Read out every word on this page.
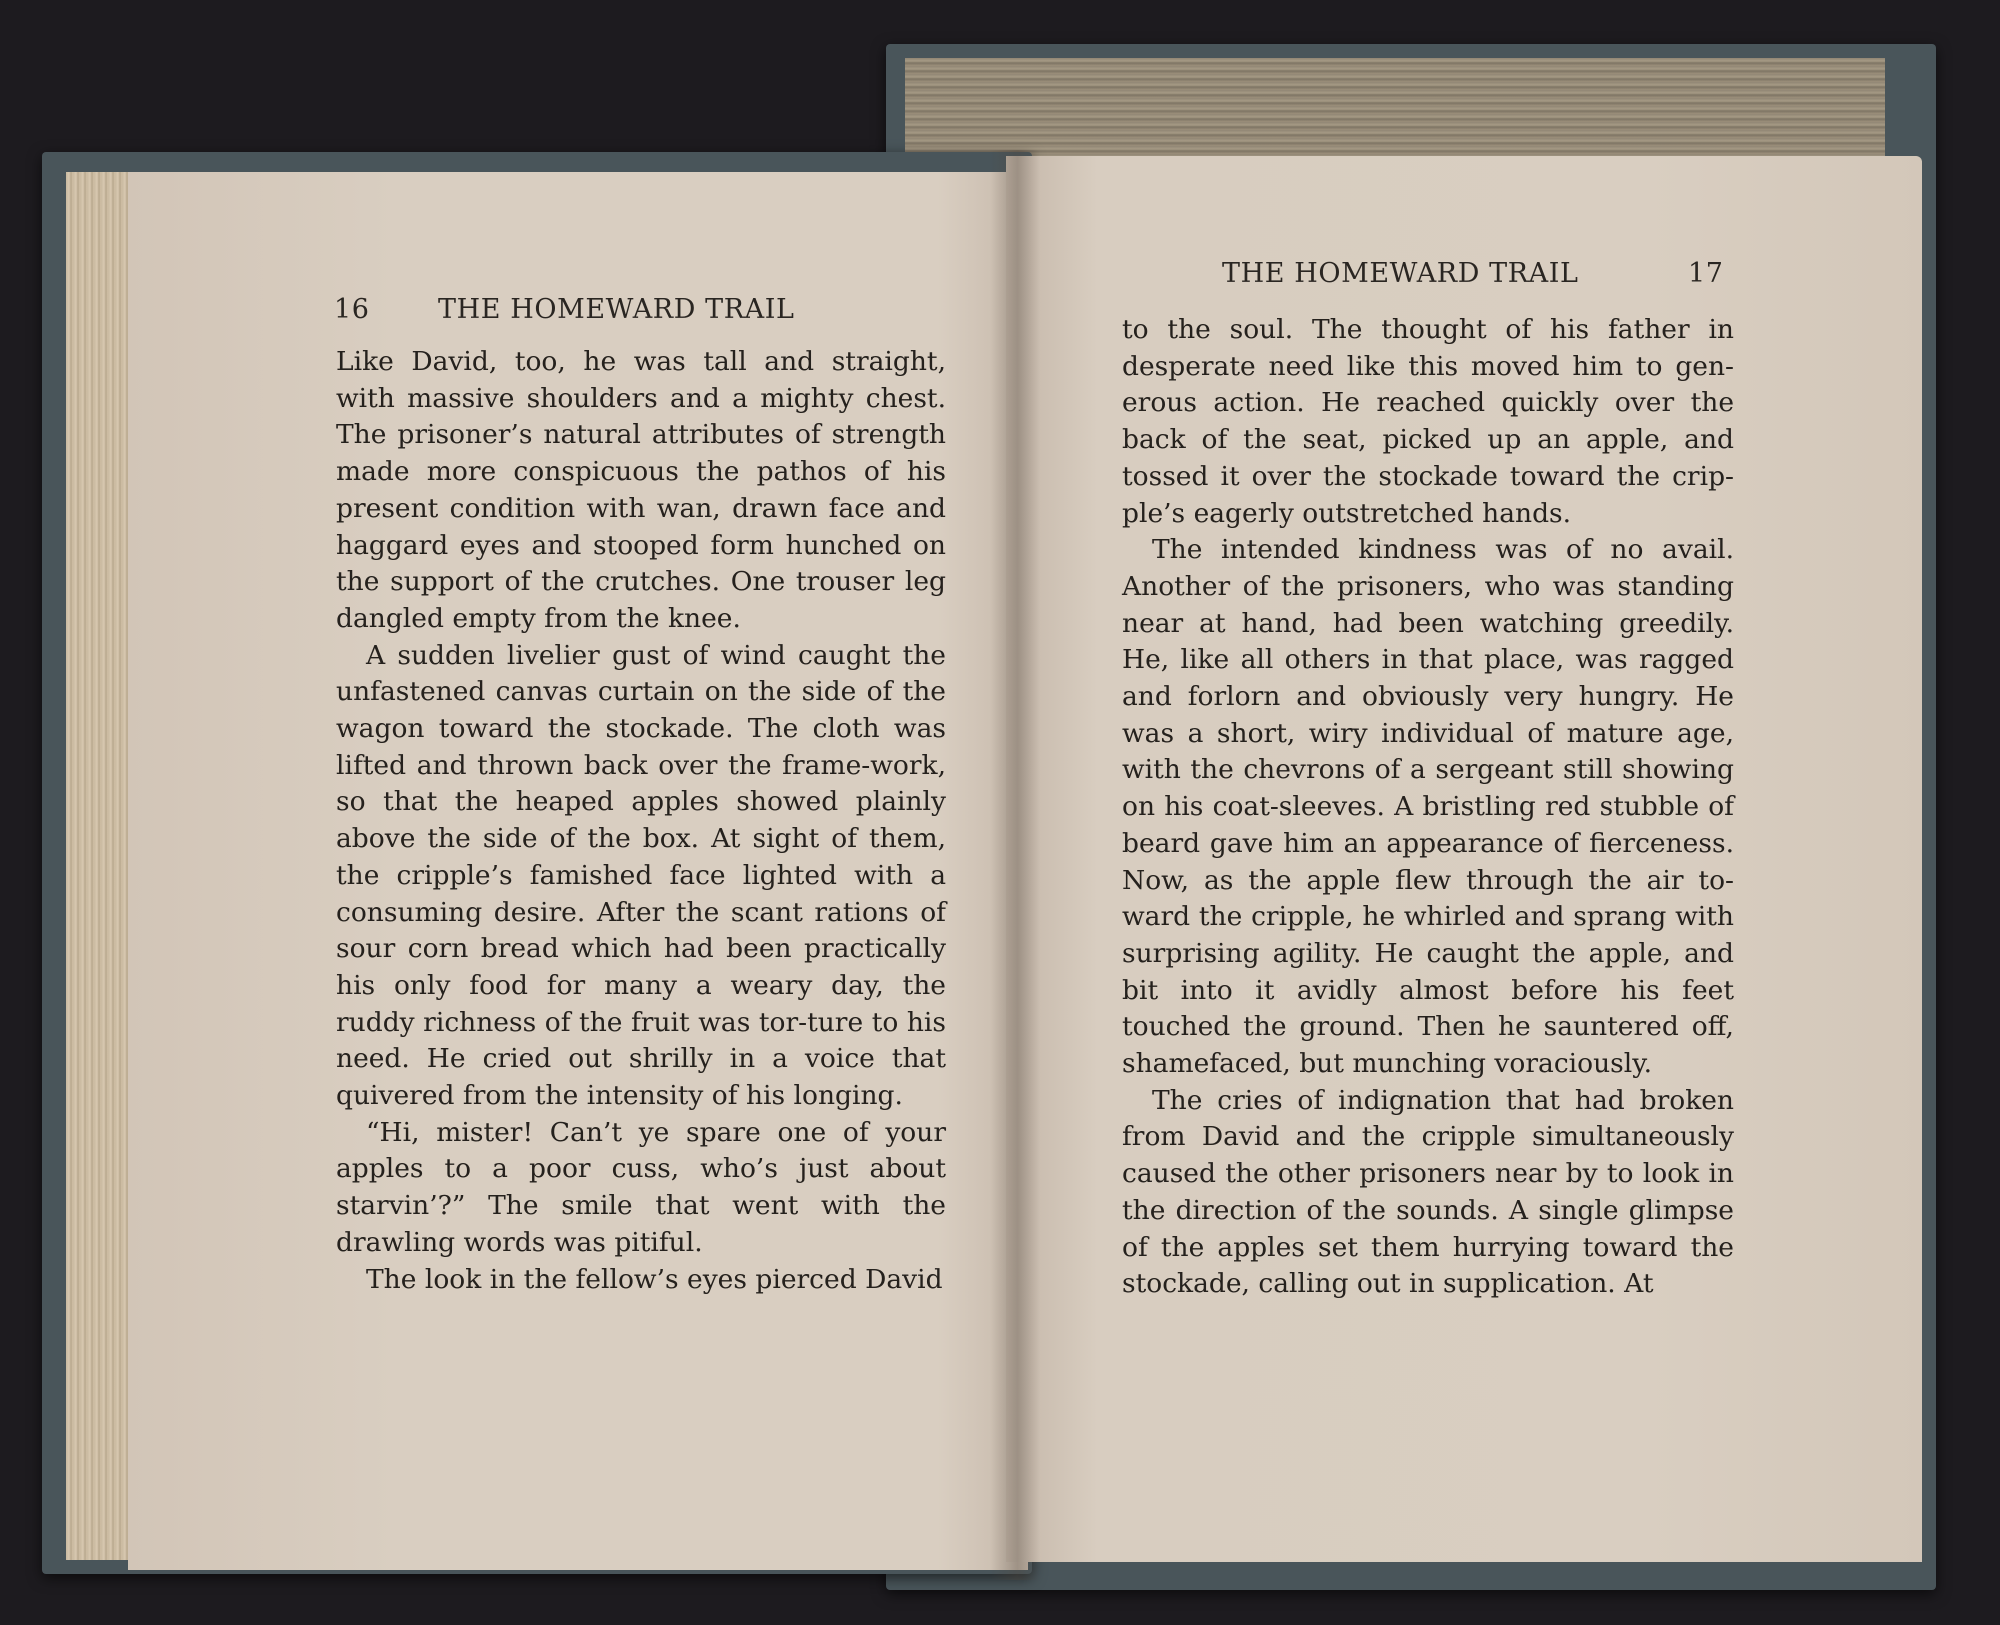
16	THE HOMEWARD TRAIL

Like David, too, he was tall and straight, with massive shoulders and a mighty chest. The prisoner’s natural attributes of strength made more conspicuous the pathos of his present condition with wan, drawn face and haggard eyes and stooped form hunched on the support of the crutches. One trouser leg dangled empty from the knee.

A sudden livelier gust of wind caught the unfastened canvas curtain on the side of the wagon toward the stockade. The cloth was lifted and thrown back over the frame-work, so that the heaped apples showed plainly above the side of the box. At sight of them, the cripple’s famished face lighted with a consuming desire. After the scant rations of sour corn bread which had been practically his only food for many a weary day, the ruddy richness of the fruit was tor-ture to his need. He cried out shrilly in a voice that quivered from the intensity of his longing.

“Hi, mister! Can’t ye spare one of your apples to a poor cuss, who’s just about starvin’?” The smile that went with the drawling words was pitiful.

The look in the fellow’s eyes pierced David

THE HOMEWARD TRAIL	17

to the soul. The thought of his father in desperate need like this moved him to gen-erous action. He reached quickly over the back of the seat, picked up an apple, and tossed it over the stockade toward the crip-ple’s eagerly outstretched hands.

The intended kindness was of no avail. Another of the prisoners, who was standing near at hand, had been watching greedily. He, like all others in that place, was ragged and forlorn and obviously very hungry. He was a short, wiry individual of mature age, with the chevrons of a sergeant still showing on his coat-sleeves. A bristling red stubble of beard gave him an appearance of fierceness. Now, as the apple flew through the air to-ward the cripple, he whirled and sprang with surprising agility. He caught the apple, and bit into it avidly almost before his feet touched the ground. Then he sauntered off, shamefaced, but munching voraciously.

The cries of indignation that had broken from David and the cripple simultaneously caused the other prisoners near by to look in the direction of the sounds. A single glimpse of the apples set them hurrying toward the stockade, calling out in supplication. At
